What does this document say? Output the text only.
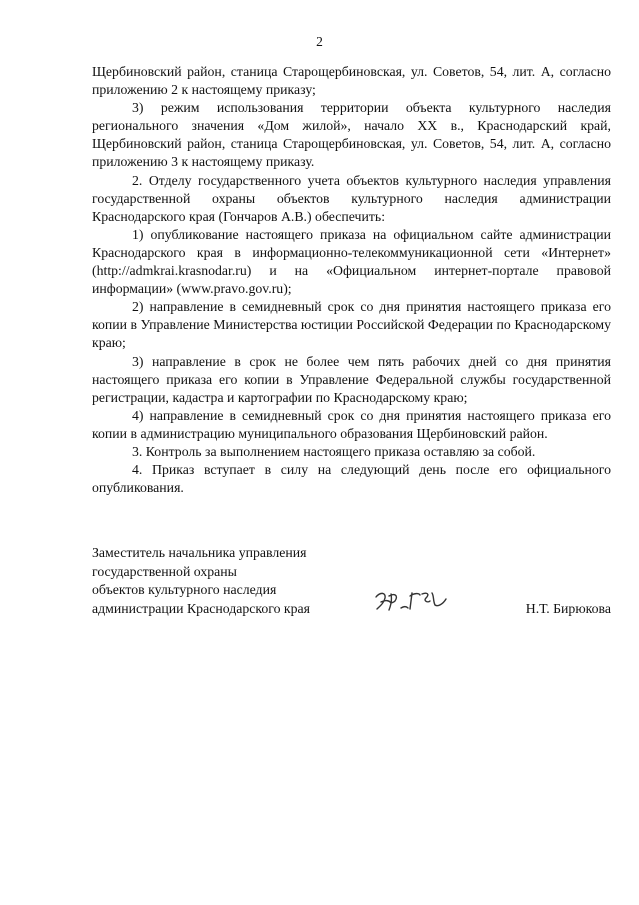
2

Щербиновский район, станица Старощербиновская, ул. Советов, 54, лит. А, согласно приложению 2 к настоящему приказу;

3) режим использования территории объекта культурного наследия регионального значения «Дом жилой», начало XX в., Краснодарский край, Щербиновский район, станица Старощербиновская, ул. Советов, 54, лит. А, согласно приложению 3 к настоящему приказу.

2. Отделу государственного учета объектов культурного наследия управления государственной охраны объектов культурного наследия администрации Краснодарского края (Гончаров А.В.) обеспечить:

1) опубликование настоящего приказа на официальном сайте администрации Краснодарского края в информационно-телекоммуникационной сети «Интернет» (http://admkrai.krasnodar.ru) и на «Официальном интернет-портале правовой информации» (www.pravo.gov.ru);

2) направление в семидневный срок со дня принятия настоящего приказа его копии в Управление Министерства юстиции Российской Федерации по Краснодарскому краю;

3) направление в срок не более чем пять рабочих дней со дня принятия настоящего приказа его копии в Управление Федеральной службы государственной регистрации, кадастра и картографии по Краснодарскому краю;

4) направление в семидневный срок со дня принятия настоящего приказа его копии в администрацию муниципального образования Щербиновский район.

3. Контроль за выполнением настоящего приказа оставляю за собой.

4. Приказ вступает в силу на следующий день после его официального опубликования.

Заместитель начальника управления
государственной охраны
объектов культурного наследия
администрации Краснодарского края	Н.Т. Бирюкова
